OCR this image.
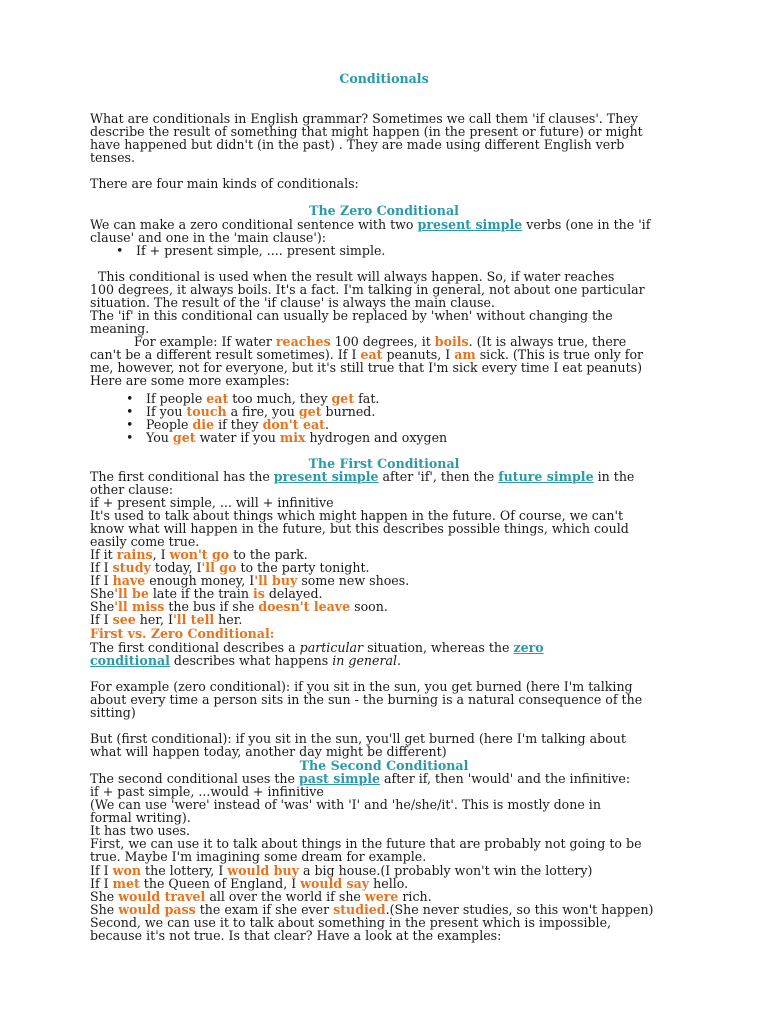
Conditionals
What are conditionals in English grammar? Sometimes we call them 'if clauses'. They
describe the result of something that might happen (in the present or future) or might
have happened but didn't (in the past) . They are made using different English verb
tenses.
There are four main kinds of conditionals:
The Zero Conditional
We can make a zero conditional sentence with two present simple verbs (one in the 'if
clause' and one in the 'main clause'):
• If + present simple, .... present simple.
This conditional is used when the result will always happen. So, if water reaches
100 degrees, it always boils. It's a fact. I'm talking in general, not about one particular
situation. The result of the 'if clause' is always the main clause.
The 'if' in this conditional can usually be replaced by 'when' without changing the
meaning.
For example: If water reaches 100 degrees, it boils. (It is always true, there
can't be a different result sometimes). If I eat peanuts, I am sick. (This is true only for
me, however, not for everyone, but it's still true that I'm sick every time I eat peanuts)
Here are some more examples:
• If people eat too much, they get fat.
• If you touch a fire, you get burned.
• People die if they don't eat.
• You get water if you mix hydrogen and oxygen
The First Conditional
The first conditional has the present simple after 'if', then the future simple in the
other clause:
if + present simple, ... will + infinitive
It's used to talk about things which might happen in the future. Of course, we can't
know what will happen in the future, but this describes possible things, which could
easily come true.
If it rains, I won't go to the park.
If I study today, I'll go to the party tonight.
If I have enough money, I'll buy some new shoes.
She'll be late if the train is delayed.
She'll miss the bus if she doesn't leave soon.
If I see her, I'll tell her.
First vs. Zero Conditional:
The first conditional describes a particular situation, whereas the zero
conditional describes what happens in general.
For example (zero conditional): if you sit in the sun, you get burned (here I'm talking
about every time a person sits in the sun - the burning is a natural consequence of the
sitting)
But (first conditional): if you sit in the sun, you'll get burned (here I'm talking about
what will happen today, another day might be different)
The Second Conditional
The second conditional uses the past simple after if, then 'would' and the infinitive:
if + past simple, ...would + infinitive
(We can use 'were' instead of 'was' with 'I' and 'he/she/it'. This is mostly done in
formal writing).
It has two uses.
First, we can use it to talk about things in the future that are probably not going to be
true. Maybe I'm imagining some dream for example.
If I won the lottery, I would buy a big house.(I probably won't win the lottery)
If I met the Queen of England, I would say hello.
She would travel all over the world if she were rich.
She would pass the exam if she ever studied.(She never studies, so this won't happen)
Second, we can use it to talk about something in the present which is impossible,
because it's not true. Is that clear? Have a look at the examples:
